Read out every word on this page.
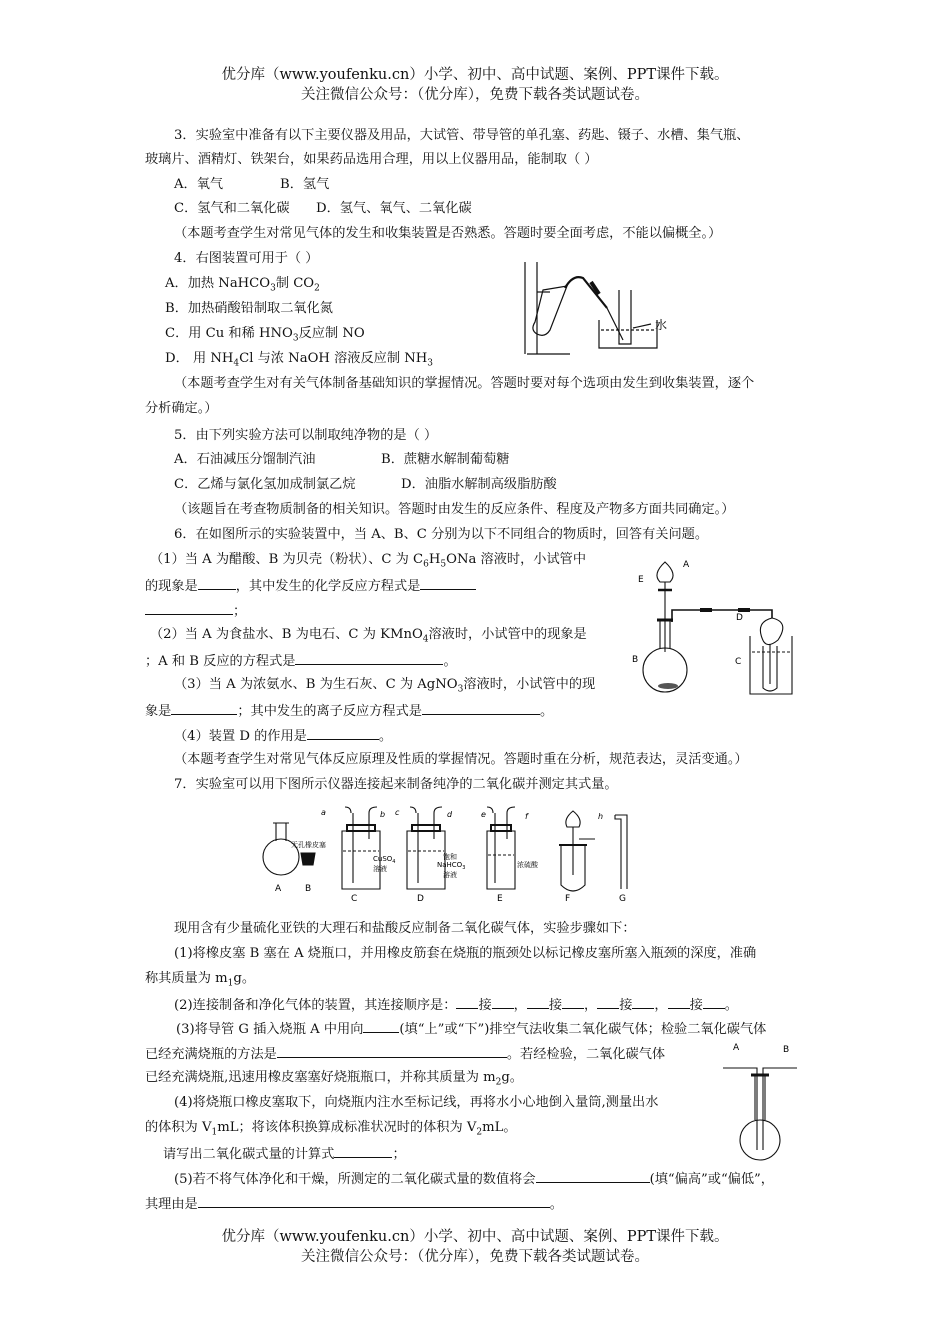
优分库（www.youfenku.cn）小学、初中、高中试题、案例、PPT课件下载。
关注微信公众号：（优分库），免费下载各类试题试卷。
3．实验室中准备有以下主要仪器及用品，大试管、带导管的单孔塞、药匙、镊子、水槽、集气瓶、
玻璃片、酒精灯、铁架台，如果药品选用合理，用以上仪器用品，能制取（ ）
A．氧气	B．氢气
C．氢气和二氧化碳 D．氢气、氧气、二氧化碳
（本题考查学生对常见气体的发生和收集装置是否熟悉。答题时要全面考虑，不能以偏概全。）
4．右图装置可用于（ ）
A．加热 NaHCO$_3$制 $CO_2$
B．加热硝酸铅制取二氧化氮
C．用 Cu 和稀 $HNO_3$反应制 NO
D． 用 $NH_4Cl$ 与浓 NaOH 溶液反应制 $NH_3$
（本题考查学生对有关气体制备基础知识的掌握情况。答题时要对每个选项由发生到收集装置，逐个
分析确定。）
水
5．由下列实验方法可以制取纯净物的是（ ）
A．石油减压分馏制汽油	B．蔗糖水解制葡萄糖
C．乙烯与氯化氢加成制氯乙烷	D．油脂水解制高级脂肪酸
（该题旨在考查物质制备的相关知识。答题时由发生的反应条件、程度及产物多方面共同确定。）
6．在如图所示的实验装置中，当 A、B、C 分别为以下不同组合的物质时，回答有关问题。
（1）当 A 为醋酸、B 为贝壳（粉状）、C 为 $C_6H_5ONa$ 溶液时，小试管中
的现象是	，其中发生的化学反应方程式是
；
（2）当 A 为食盐水、B 为电石、C 为 KMnO$_4$溶液时，小试管中的现象是
；A 和 B 反应的方程式是	。
（3）当 A 为浓氨水、B 为生石灰、C 为 AgNO$_3$溶液时，小试管中的现
象是	；其中发生的离子反应方程式是	。
（4）装置 D 的作用是	。
（本题考查学生对常见气体反应原理及性质的掌握情况。答题时重在分析，规范表达，灵活变通。）
A
B	C
D
E
7．实验室可以用下图所示仪器连接起来制备纯净的二氧化碳并测定其式量。
a	b c	d	e	f	h
A	B
C	D	E	F	G
无孔橡皮塞
CuSO$_4$
溶液
饱和
NaHCO$_3$
溶液
浓硫酸
现用含有少量硫化亚铁的大理石和盐酸反应制备二氧化碳气体，实验步骤如下：
(1)将橡皮塞 B 塞在 A 烧瓶口，并用橡皮筋套在烧瓶的瓶颈处以标记橡皮塞所塞入瓶颈的深度，准确
称其质量为 $m_1g$。
(2)连接制备和净化气体的装置，其连接顺序是： 接 ， 接 ， 接 ， 接 。
(3)将导管 G 插入烧瓶 A 中用向	(填“上”或“下”)排空气法收集二氧化碳气体；检验二氧化碳气体
已经充满烧瓶的方法是	。若经检验，二氧化碳气体
已经充满烧瓶,迅速用橡皮塞塞好烧瓶瓶口，并称其质量为 $m_2g$。
(4)将烧瓶口橡皮塞取下，向烧瓶内注水至标记线，再将水小心地倒入量筒,测量出水
的体积为 $V_1mL$；将该体积换算成标准状况时的体积为 $V_2mL$。
请写出二氧化碳式量的计算式	；
(5)若不将气体净化和干燥，所测定的二氧化碳式量的数值将会	(填“偏高”或“偏低”，
其理由是	。
A	B
优分库（www.youfenku.cn）小学、初中、高中试题、案例、PPT课件下载。
关注微信公众号：（优分库），免费下载各类试题试卷。
